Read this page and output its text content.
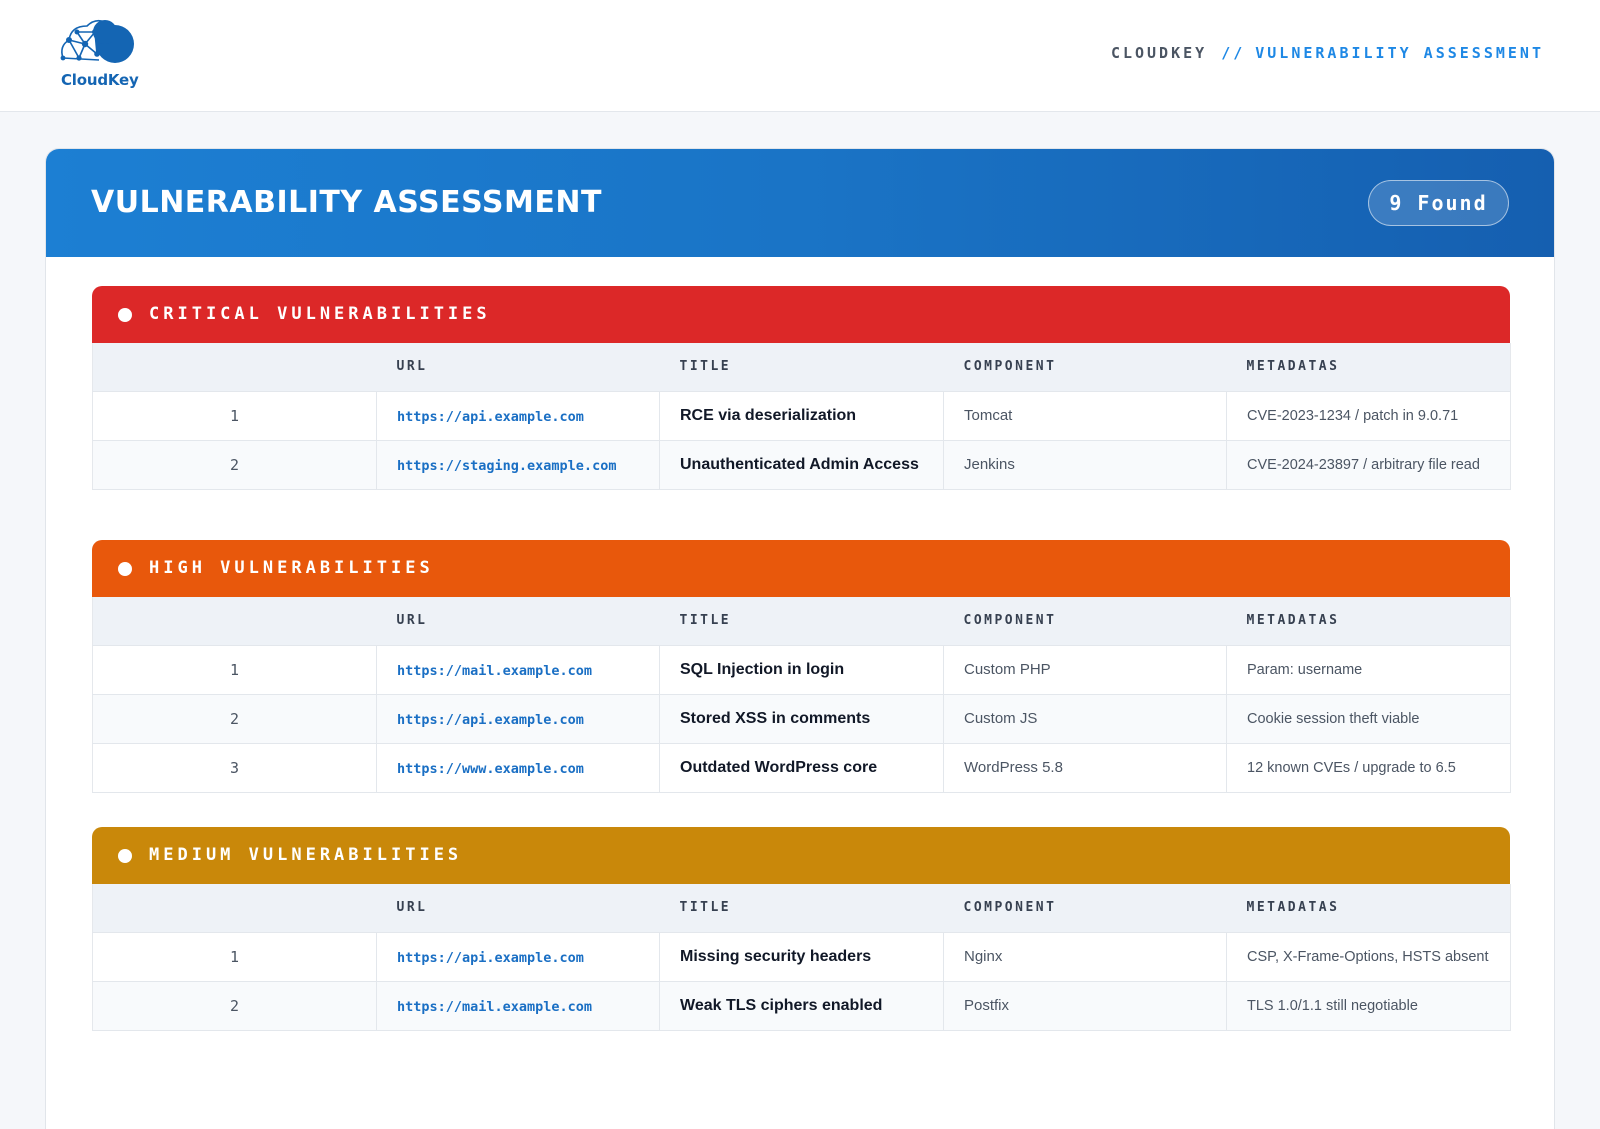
CloudKey
CLOUDKEY // VULNERABILITY ASSESSMENT
VULNERABILITY ASSESSMENT	9 Found
CRITICAL VULNERABILITIES
	URL	TITLE	COMPONENT	METADATAS
1	https://api.example.com	RCE via deserialization	Tomcat	CVE-2023-1234 / patch in 9.0.71
2	https://staging.example.com	Unauthenticated Admin Access	Jenkins	CVE-2024-23897 / arbitrary file read
HIGH VULNERABILITIES
	URL	TITLE	COMPONENT	METADATAS
1	https://mail.example.com	SQL Injection in login	Custom PHP	Param: username
2	https://api.example.com	Stored XSS in comments	Custom JS	Cookie session theft viable
3	https://www.example.com	Outdated WordPress core	WordPress 5.8	12 known CVEs / upgrade to 6.5
MEDIUM VULNERABILITIES
	URL	TITLE	COMPONENT	METADATAS
1	https://api.example.com	Missing security headers	Nginx	CSP, X-Frame-Options, HSTS absent
2	https://mail.example.com	Weak TLS ciphers enabled	Postfix	TLS 1.0/1.1 still negotiable
